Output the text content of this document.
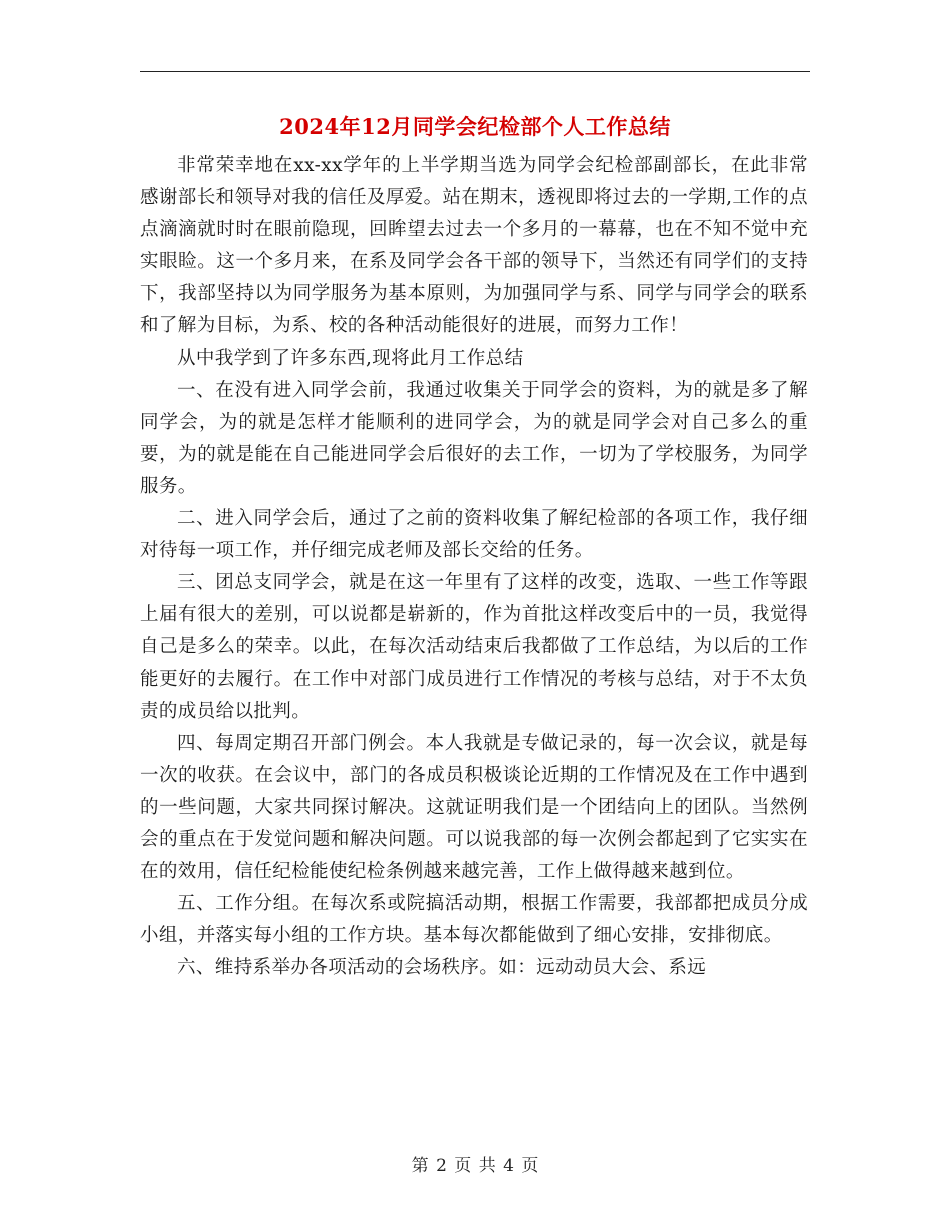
2024年12月同学会纪检部个人工作总结

非常荣幸地在xx-xx学年的上半学期当选为同学会纪检部副部长，在此非常感谢部长和领导对我的信任及厚爱。站在期末，透视即将过去的一学期,工作的点点滴滴就时时在眼前隐现，回眸望去过去一个多月的一幕幕，也在不知不觉中充实眼睑。这一个多月来，在系及同学会各干部的领导下，当然还有同学们的支持下，我部坚持以为同学服务为基本原则，为加强同学与系、同学与同学会的联系和了解为目标，为系、校的各种活动能很好的进展，而努力工作！

从中我学到了许多东西,现将此月工作总结

一、在没有进入同学会前，我通过收集关于同学会的资料，为的就是多了解同学会，为的就是怎样才能顺利的进同学会，为的就是同学会对自己多么的重要，为的就是能在自己能进同学会后很好的去工作，一切为了学校服务，为同学服务。

二、进入同学会后，通过了之前的资料收集了解纪检部的各项工作，我仔细对待每一项工作，并仔细完成老师及部长交给的任务。

三、团总支同学会，就是在这一年里有了这样的改变，选取、一些工作等跟上届有很大的差别，可以说都是崭新的，作为首批这样改变后中的一员，我觉得自己是多么的荣幸。以此，在每次活动结束后我都做了工作总结，为以后的工作能更好的去履行。在工作中对部门成员进行工作情况的考核与总结，对于不太负责的成员给以批判。

四、每周定期召开部门例会。本人我就是专做记录的，每一次会议，就是每一次的收获。在会议中，部门的各成员积极谈论近期的工作情况及在工作中遇到的一些问题，大家共同探讨解决。这就证明我们是一个团结向上的团队。当然例会的重点在于发觉问题和解决问题。可以说我部的每一次例会都起到了它实实在在的效用，信任纪检能使纪检条例越来越完善，工作上做得越来越到位。

五、工作分组。在每次系或院搞活动期，根据工作需要，我部都把成员分成小组，并落实每小组的工作方块。基本每次都能做到了细心安排，安排彻底。

六、维持系举办各项活动的会场秩序。如：远动动员大会、系远

第 2 页 共 4 页
